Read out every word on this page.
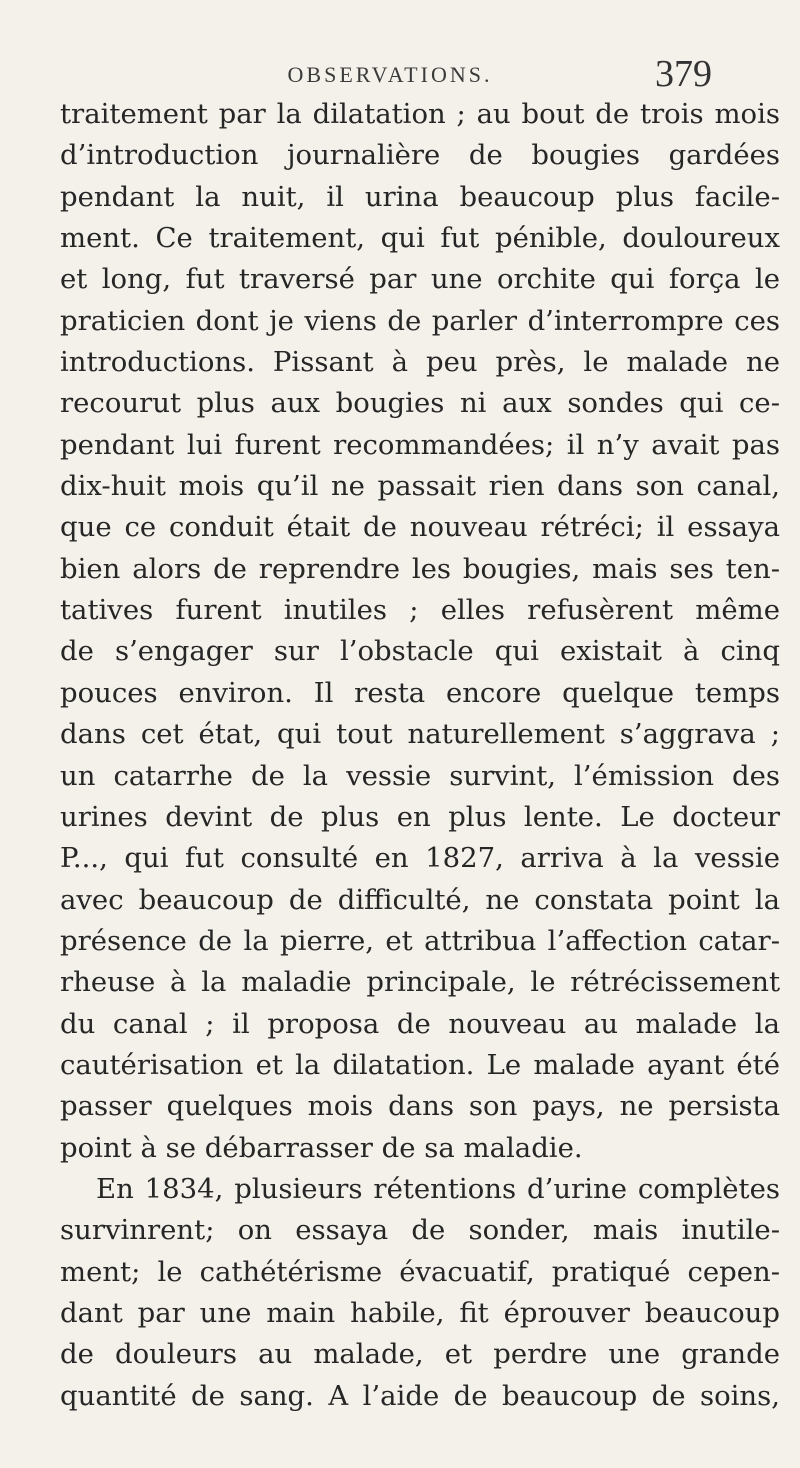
OBSERVATIONS.	379
traitement par la dilatation ; au bout de trois mois
d’introduction journalière de bougies gardées
pendant la nuit, il urina beaucoup plus facile-
ment. Ce traitement, qui fut pénible, douloureux
et long, fut traversé par une orchite qui força le
praticien dont je viens de parler d’interrompre ces
introductions. Pissant à peu près, le malade ne
recourut plus aux bougies ni aux sondes qui ce-
pendant lui furent recommandées; il n’y avait pas
dix-huit mois qu’il ne passait rien dans son canal,
que ce conduit était de nouveau rétréci; il essaya
bien alors de reprendre les bougies, mais ses ten-
tatives furent inutiles ; elles refusèrent même
de s’engager sur l’obstacle qui existait à cinq
pouces environ. Il resta encore quelque temps
dans cet état, qui tout naturellement s’aggrava ;
un catarrhe de la vessie survint, l’émission des
urines devint de plus en plus lente. Le docteur
P..., qui fut consulté en 1827, arriva à la vessie
avec beaucoup de difficulté, ne constata point la
présence de la pierre, et attribua l’affection catar-
rheuse à la maladie principale, le rétrécissement
du canal ; il proposa de nouveau au malade la
cautérisation et la dilatation. Le malade ayant été
passer quelques mois dans son pays, ne persista
point à se débarrasser de sa maladie.
En 1834, plusieurs rétentions d’urine complètes
survinrent; on essaya de sonder, mais inutile-
ment; le cathétérisme évacuatif, pratiqué cepen-
dant par une main habile, fit éprouver beaucoup
de douleurs au malade, et perdre une grande
quantité de sang. A l’aide de beaucoup de soins,
